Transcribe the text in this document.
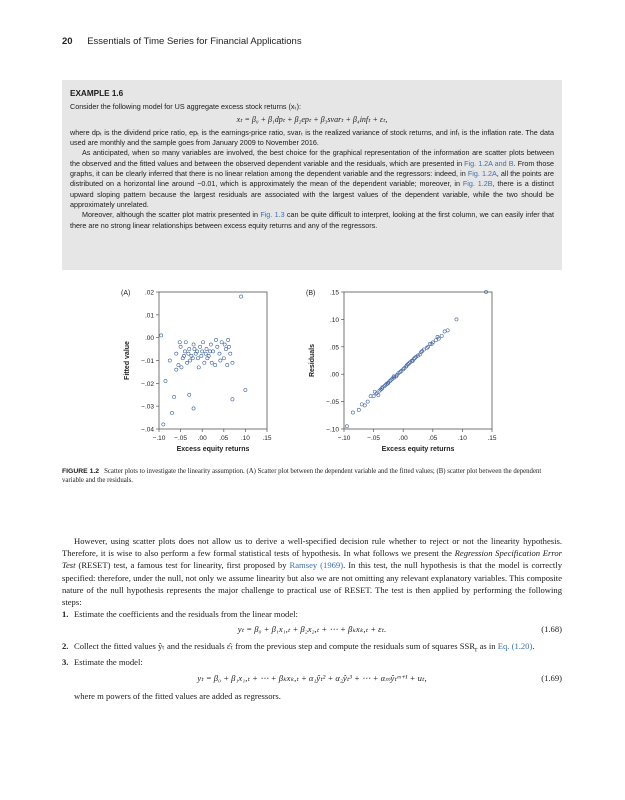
20 Essentials of Time Series for Financial Applications
EXAMPLE 1.6

Consider the following model for US aggregate excess stock returns (xₜ):

xₜ = β₀ + β₁dpₜ + β₂epₜ + β₃svarₜ + β₄infₜ + εₜ,

where dpₜ is the dividend price ratio, epₜ is the earnings-price ratio, svarₜ is the realized variance of stock returns, and infₜ is the inflation rate. The data used are monthly and the sample goes from January 2009 to November 2016.

As anticipated, when so many variables are involved, the best choice for the graphical representation of the information are scatter plots between the observed and the fitted values and between the observed dependent variable and the residuals, which are presented in Fig. 1.2A and B. From those graphs, it can be clearly inferred that there is no linear relation among the dependent variable and the regressors: indeed, in Fig. 1.2A, all the points are distributed on a horizontal line around −0.01, which is approximately the mean of the dependent variable; moreover, in Fig. 1.2B, there is a distinct upward sloping pattern because the largest residuals are associated with the largest values of the dependent variable, while the two should be approximately unrelated.

Moreover, although the scatter plot matrix presented in Fig. 1.3 can be quite difficult to interpret, looking at the first column, we can easily infer that there are no strong linear relationships between excess equity returns and any of the regressors.

−.04
−.03
−.02
−.01
.00
.01
.02
−.10 −.05 .00 .05 .10 .15
(A)
Excess equity returns
Fitted value
−.10
−.05
.00
.05
.10
.15
−.10	−.05	.00	.05	.10	.15
(B)
Excess equity returns
Residuals
FIGURE 1.2 Scatter plots to investigate the linearity assumption. (A) Scatter plot between the dependent variable and the fitted values; (B) scatter plot between the dependent variable and the residuals.

However, using scatter plots does not allow us to derive a well-specified decision rule whether to reject or not the linearity hypothesis. Therefore, it is wise to also perform a few formal statistical tests of hypothesis. In what follows we present the Regression Specification Error Test (RESET) test, a famous test for linearity, first proposed by Ramsey (1969). In this test, the null hypothesis is that the model is correctly specified: therefore, under the null, not only we assume linearity but also we are not omitting any relevant explanatory variables. This composite nature of the null hypothesis represents the major challenge to practical use of RESET. The test is then applied by performing the following steps:

1. Estimate the coefficients and the residuals from the linear model:

yₜ = β₀ + β₁x₁,ₜ + β₂x₂,ₜ + ⋯ + βₖxₖ,ₜ + εₜ.	(1.68)

2. Collect the fitted values ŷₜ and the residuals ε̂ₜ from the previous step and compute the residuals sum of squares $SSR_r$ as in Eq. (1.20).

3. Estimate the model:

yₜ = β₀ + β₁x₁,ₜ + ⋯ + βₖxₖ,ₜ + α₁ŷₜ² + α₂ŷₜ³ + ⋯ + αₘŷₜᵐ⁺¹ + uₜ,	(1.69)

where m powers of the fitted values are added as regressors.
